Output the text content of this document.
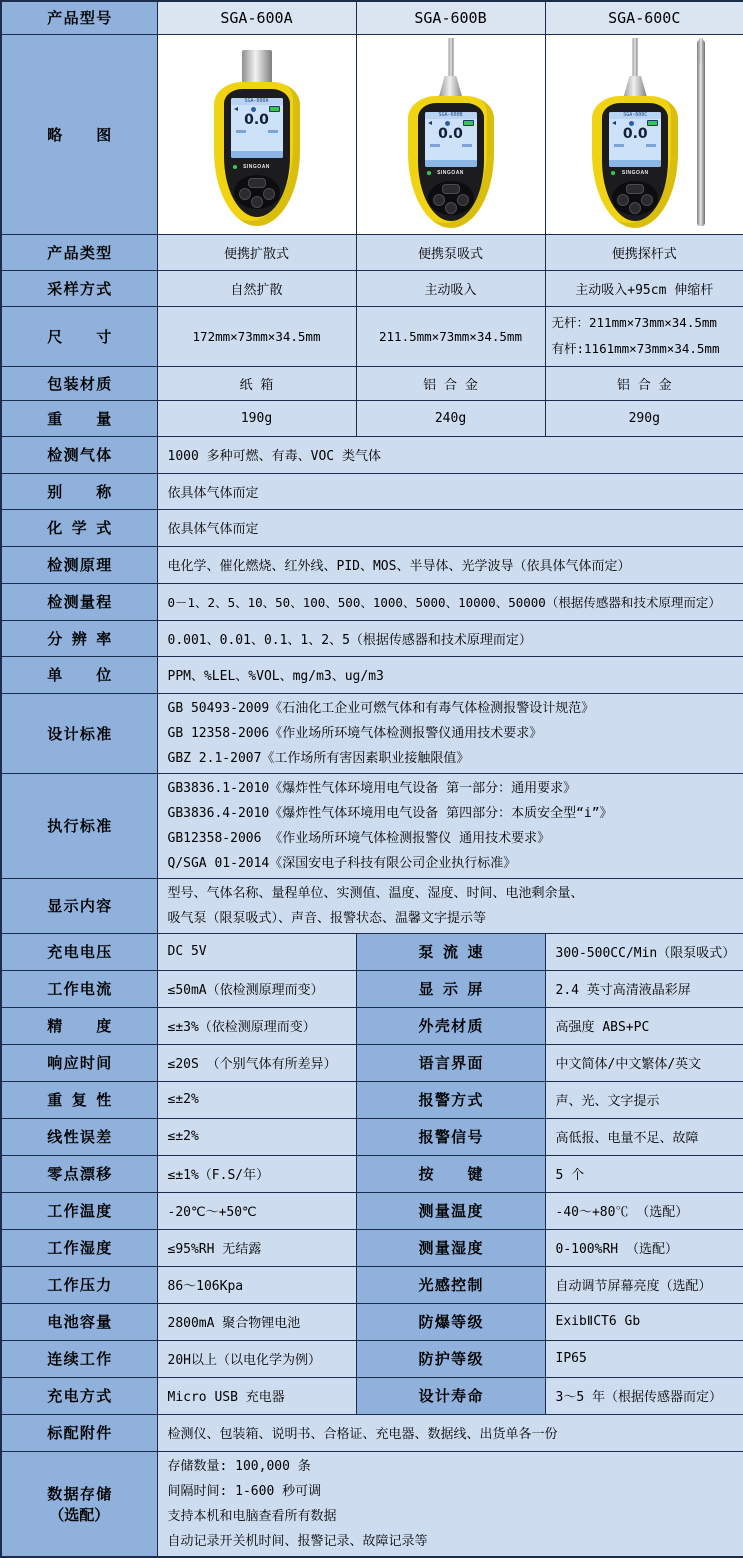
产品型号	SGA-600A	SGA-600B	SGA-600C
略图	
SGA-600A
0.0
SINGOAN

SGA-600B
0.0
SINGOAN

SGA-600C
0.0
SINGOAN

产品类型	便携扩散式	便携泵吸式	便携探杆式
采样方式	自然扩散	主动吸入	主动吸入+95cm 伸缩杆
尺寸	172mm×73mm×34.5mm	211.5mm×73mm×34.5mm	无杆：211mm×73mm×34.5mm
有杆:1161mm×73mm×34.5mm

包装材质	纸 箱	铝 合 金	铝 合 金
重量	190g	240g	290g
检测气体	1000 多种可燃、有毒、VOC 类气体		
别称	依具体气体而定		
化学式	依具体气体而定		
检测原理	电化学、催化燃烧、红外线、PID、MOS、半导体、光学波导（依具体气体而定）		
检测量程	0－1、2、5、10、50、100、500、1000、5000、10000、50000（根据传感器和技术原理而定）		
分辨率	0.001、0.01、0.1、1、2、5（根据传感器和技术原理而定）		
单位	PPM、%LEL、%VOL、mg/m3、ug/m3		
设计标准	GB 50493-2009《石油化工企业可燃气体和有毒气体检测报警设计规范》
GB 12358-2006《作业场所环境气体检测报警仪通用技术要求》
GBZ 2.1-2007《工作场所有害因素职业接触限值》		

执行标准	GB3836.1-2010《爆炸性气体环境用电气设备 第一部分：通用要求》
GB3836.4-2010《爆炸性气体环境用电气设备 第四部分：本质安全型“i”》
GB12358-2006 《作业场所环境气体检测报警仪 通用技术要求》
Q/SGA 01-2014《深国安电子科技有限公司企业执行标准》		

显示内容	型号、气体名称、量程单位、实测值、温度、湿度、时间、电池剩余量、
吸气泵（限泵吸式）、声音、报警状态、温馨文字提示等		

充电电压	DC 5V	泵流速	300-500CC/Min（限泵吸式）
工作电流	≤50mA（依检测原理而变）	显示屏	2.4 英寸高清液晶彩屏
精度	≤±3%（依检测原理而变）	外壳材质	高强度 ABS+PC
响应时间	≤20S （个别气体有所差异）	语言界面	中文简体/中文繁体/英文
重复性	≤±2%	报警方式	声、光、文字提示
线性误差	≤±2%	报警信号	高低报、电量不足、故障
零点漂移	≤±1%（F.S/年）	按键	5 个
工作温度	-20℃～+50℃	测量温度	-40～+80℃ （选配）
工作湿度	≤95%RH 无结露	测量湿度	0-100%RH （选配）
工作压力	86～106Kpa	光感控制	自动调节屏幕亮度（选配）
电池容量	2800mA 聚合物锂电池	防爆等级	ExibⅡCT6 Gb
连续工作	20H以上（以电化学为例）	防护等级	IP65
充电方式	Micro USB 充电器	设计寿命	3～5 年（根据传感器而定）
标配附件	检测仪、包装箱、说明书、合格证、充电器、数据线、出货单各一份		

数据存储
（选配）

存储数量: 100,000 条
间隔时间: 1-600 秒可调
支持本机和电脑查看所有数据
自动记录开关机时间、报警记录、故障记录等
